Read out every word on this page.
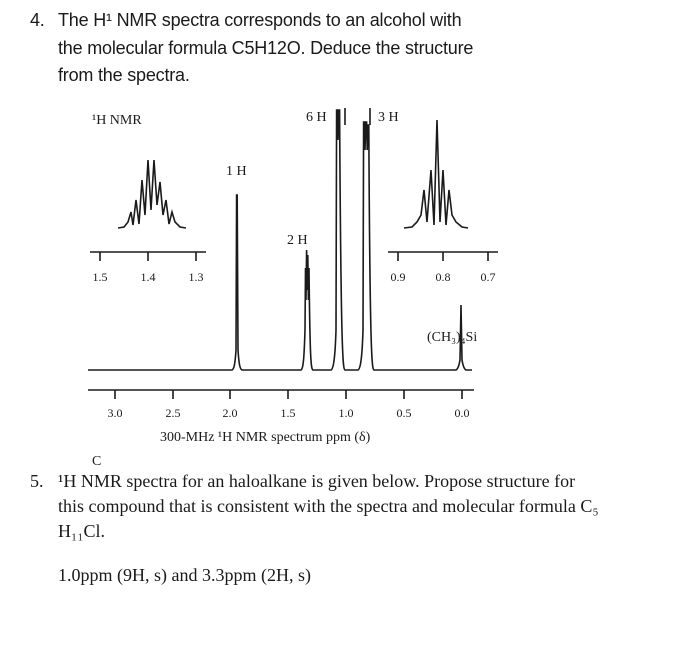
4. The H¹ NMR spectra corresponds to an alcohol with
the molecular formula C5H12O. Deduce the structure
from the spectra.
¹H NMR	6 H	3 H
1 H
2 H
(CH₃)₄Si
1.5	1.4	1.3	0.9	0.8	0.7
3.0	2.5	2.0	1.5	1.0	0.5	0.0
300-MHz ¹H NMR spectrum ppm (δ)
C
5. ¹H NMR spectra for an haloalkane is given below. Propose structure for
this compound that is consistent with the spectra and molecular formula C₅
H₁₁Cl.
1.0ppm (9H, s) and 3.3ppm (2H, s)
